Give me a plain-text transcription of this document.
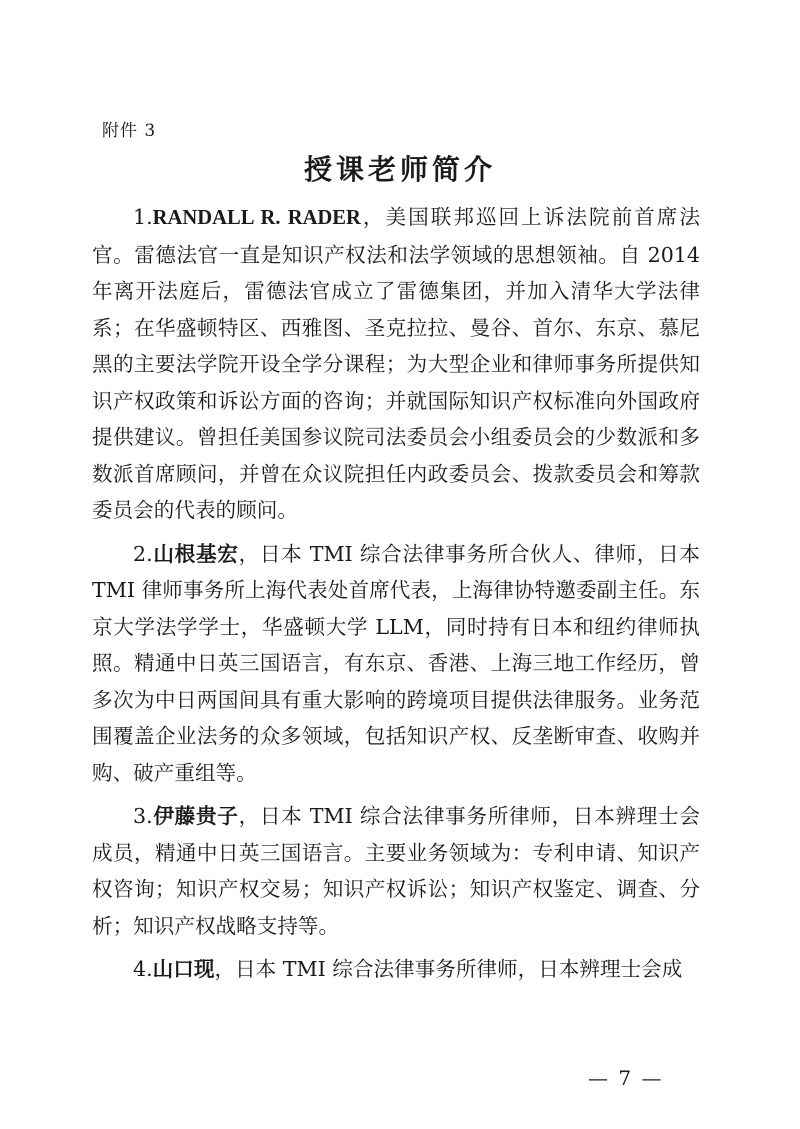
附件 3
授课老师简介

1.RANDALL R. RADER，美国联邦巡回上诉法院前首席法官。雷德法官一直是知识产权法和法学领域的思想领袖。自 2014 年离开法庭后，雷德法官成立了雷德集团，并加入清华大学法律系；在华盛顿特区、西雅图、圣克拉拉、曼谷、首尔、东京、慕尼黑的主要法学院开设全学分课程；为大型企业和律师事务所提供知识产权政策和诉讼方面的咨询；并就国际知识产权标准向外国政府提供建议。曾担任美国参议院司法委员会小组委员会的少数派和多数派首席顾问，并曾在众议院担任内政委员会、拨款委员会和筹款委员会的代表的顾问。

2.山根基宏，日本 TMI 综合法律事务所合伙人、律师，日本 TMI 律师事务所上海代表处首席代表，上海律协特邀委副主任。东京大学法学学士，华盛顿大学 LLM，同时持有日本和纽约律师执照。精通中日英三国语言，有东京、香港、上海三地工作经历，曾多次为中日两国间具有重大影响的跨境项目提供法律服务。业务范围覆盖企业法务的众多领域，包括知识产权、反垄断审查、收购并购、破产重组等。

3.伊藤贵子，日本 TMI 综合法律事务所律师，日本辨理士会成员，精通中日英三国语言。主要业务领域为：专利申请、知识产权咨询；知识产权交易；知识产权诉讼；知识产权鉴定、调查、分析；知识产权战略支持等。

4.山口现，日本 TMI 综合法律事务所律师，日本辨理士会成

— 7 —
